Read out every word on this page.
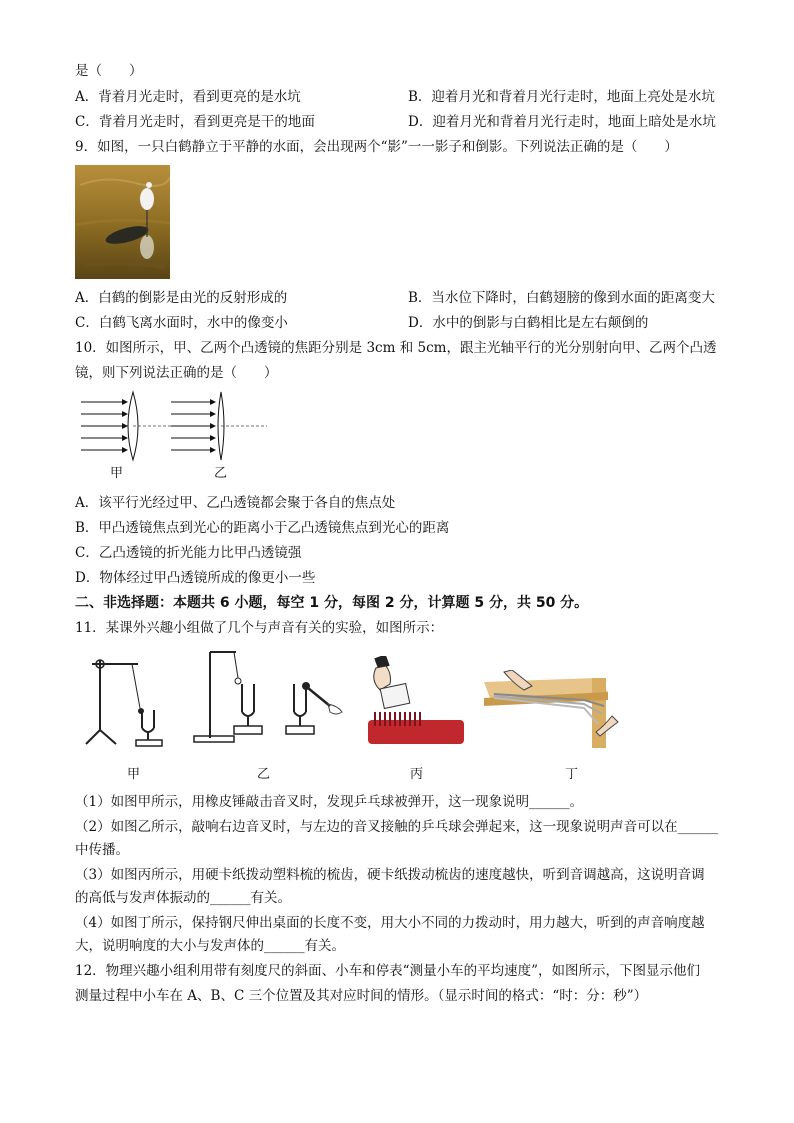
是（　　）
A．背着月光走时，看到更亮的是水坑	B．迎着月光和背着月光行走时，地面上亮处是水坑
C．背着月光走时，看到更亮是干的地面	D．迎着月光和背着月光行走时，地面上暗处是水坑
9．如图，一只白鹤静立于平静的水面，会出现两个“影”一一影子和倒影。下列说法正确的是（　　）
A．白鹤的倒影是由光的反射形成的	B．当水位下降时，白鹤翅膀的像到水面的距离变大
C．白鹤飞离水面时，水中的像变小	D．水中的倒影与白鹤相比是左右颠倒的
10．如图所示，甲、乙两个凸透镜的焦距分别是 3cm 和 5cm，跟主光轴平行的光分别射向甲、乙两个凸透
镜，则下列说法正确的是（　　）
甲	乙
A．该平行光经过甲、乙凸透镜都会聚于各自的焦点处
B．甲凸透镜焦点到光心的距离小于乙凸透镜焦点到光心的距离
C．乙凸透镜的折光能力比甲凸透镜强
D．物体经过甲凸透镜所成的像更小一些
二、非选择题：本题共 6 小题，每空 1 分，每图 2 分，计算题 5 分，共 50 分。
11．某课外兴趣小组做了几个与声音有关的实验，如图所示：
甲	乙	丙	丁
（1）如图甲所示，用橡皮锤敲击音叉时，发现乒乓球被弹开，这一现象说明______。
（2）如图乙所示，敲响右边音叉时，与左边的音叉接触的乒乓球会弹起来，这一现象说明声音可以在______
中传播。
（3）如图丙所示，用硬卡纸拨动塑料梳的梳齿，硬卡纸拨动梳齿的速度越快，听到音调越高，这说明音调
的高低与发声体振动的______有关。
（4）如图丁所示，保持钢尺伸出桌面的长度不变，用大小不同的力拨动时，用力越大，听到的声音响度越
大，说明响度的大小与发声体的______有关。
12．物理兴趣小组利用带有刻度尺的斜面、小车和停表“测量小车的平均速度”，如图所示，下图显示他们
测量过程中小车在 A、B、C 三个位置及其对应时间的情形。（显示时间的格式：“时：分：秒”）
